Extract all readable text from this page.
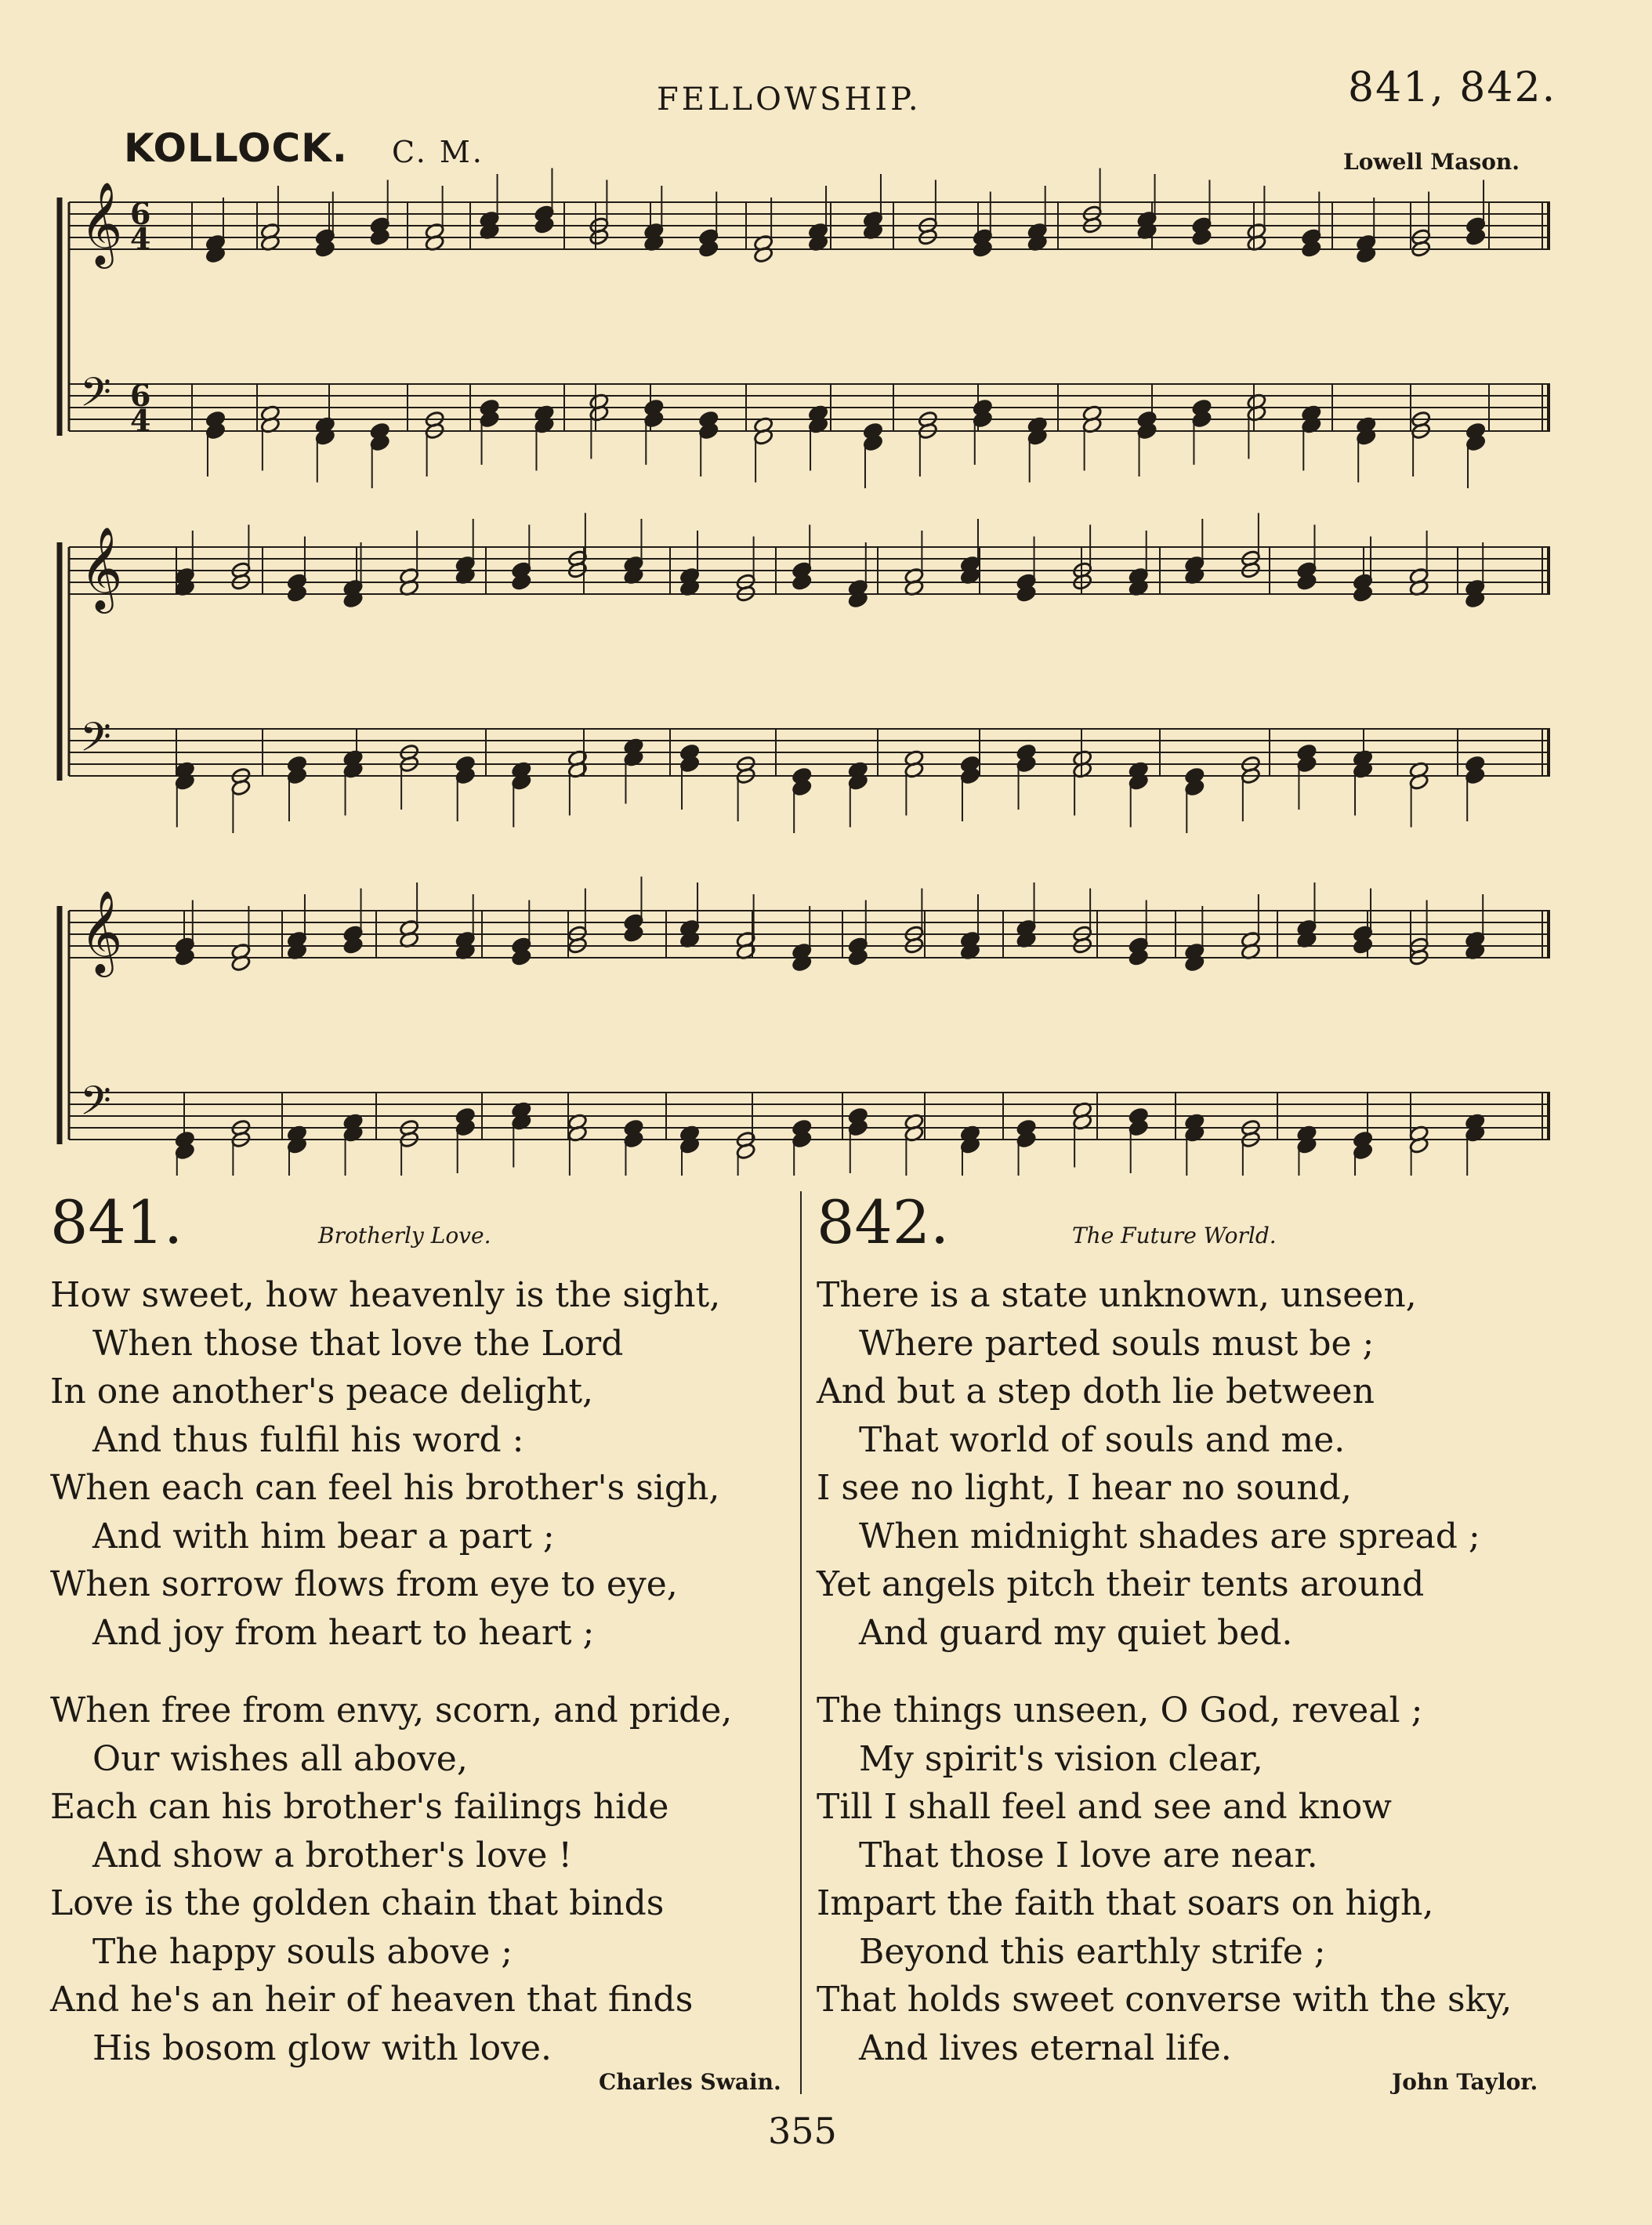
FELLOWSHIP.	841, 842.
KOLLOCK. C. M.	Lowell Mason.
𝄞 6
4
𝄢 6
4
𝄞
𝄢
𝄞
𝄢
841.	Brotherly Love.
How sweet, how heavenly is the sight,
When those that love the Lord
In one another's peace delight,
And thus fulfil his word :
When each can feel his brother's sigh,
And with him bear a part ;
When sorrow flows from eye to eye,
And joy from heart to heart ;
When free from envy, scorn, and pride,
Our wishes all above,
Each can his brother's failings hide
And show a brother's love !
Love is the golden chain that binds
The happy souls above ;
And he's an heir of heaven that finds
His bosom glow with love.
Charles Swain.
842.	The Future World.
There is a state unknown, unseen,
Where parted souls must be ;
And but a step doth lie between
That world of souls and me.
I see no light, I hear no sound,
When midnight shades are spread ;
Yet angels pitch their tents around
And guard my quiet bed.
The things unseen, O God, reveal ;
My spirit's vision clear,
Till I shall feel and see and know
That those I love are near.
Impart the faith that soars on high,
Beyond this earthly strife ;
That holds sweet converse with the sky,
And lives eternal life.
John Taylor.
355
